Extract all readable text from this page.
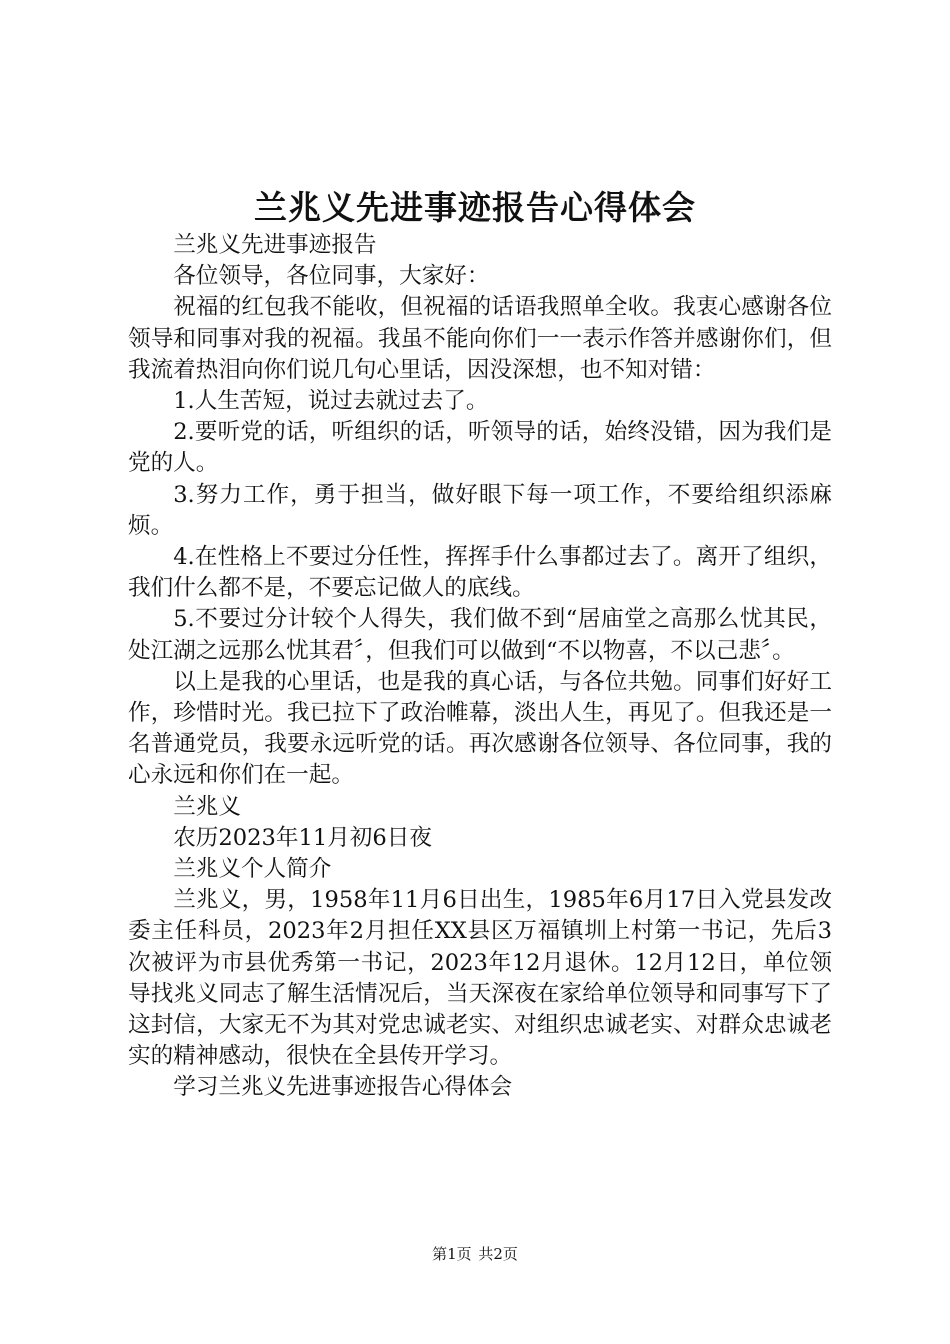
兰兆义先进事迹报告心得体会

兰兆义先进事迹报告

各位领导，各位同事，大家好：

祝福的红包我不能收，但祝福的话语我照单全收。我衷心感谢各位领导和同事对我的祝福。我虽不能向你们一一表示作答并感谢你们，但我流着热泪向你们说几句心里话，因没深想，也不知对错：

1.人生苦短，说过去就过去了。

2.要听党的话，听组织的话，听领导的话，始终没错，因为我们是党的人。

3.努力工作，勇于担当，做好眼下每一项工作，不要给组织添麻烦。

4.在性格上不要过分任性，挥挥手什么事都过去了。离开了组织，我们什么都不是，不要忘记做人的底线。

5.不要过分计较个人得失，我们做不到“居庙堂之高那么忧其民，处江湖之远那么忧其君〞，但我们可以做到“不以物喜，不以己悲〞。

以上是我的心里话，也是我的真心话，与各位共勉。同事们好好工作，珍惜时光。我已拉下了政治帷幕，淡出人生，再见了。但我还是一名普通党员，我要永远听党的话。再次感谢各位领导、各位同事，我的心永远和你们在一起。

兰兆义

农历2023年11月初6日夜

兰兆义个人简介

兰兆义，男，1958年11月6日出生，1985年6月17日入党县发改委主任科员，2023年2月担任XX县区万福镇圳上村第一书记，先后3次被评为市县优秀第一书记，2023年12月退休。12月12日，单位领导找兆义同志了解生活情况后，当天深夜在家给单位领导和同事写下了这封信，大家无不为其对党忠诚老实、对组织忠诚老实、对群众忠诚老实的精神感动，很快在全县传开学习。

学习兰兆义先进事迹报告心得体会

第1页 共2页
